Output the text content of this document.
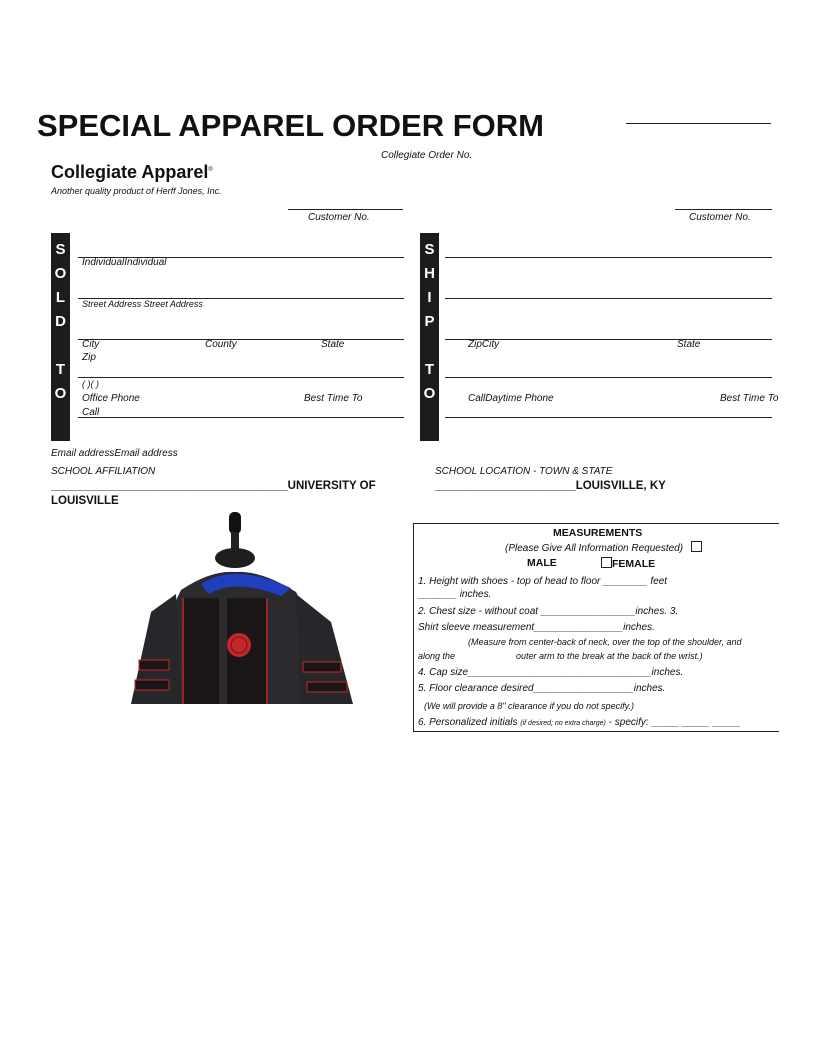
SPECIAL APPAREL ORDER FORM
Collegiate Order No.
Collegiate Apparel®
Another quality product of Herff Jones, Inc.
Customer No.	Customer No.
S
O
L
D
T
O
IndividualIndividual
Street Address Street Address
City	County	State
Zip
( )( )
Office Phone	Best Time To
Call
S
H
I
P
T
O
ZipCity	State
CallDaytime Phone	Best Time To
Email addressEmail address
SCHOOL AFFILIATION
_____________________________________UNIVERSITY OF
LOUISVILLE
SCHOOL LOCATION - TOWN & STATE
______________________LOUISVILLE, KY
MEASUREMENTS
(Please Give All Information Requested)
MALE	FEMALE
1. Height with shoes - top of head to floor ________ feet
_______ inches.
2. Chest size - without coat _________________inches. 3.
Shirt sleeve measurement________________inches.
(Measure from center-back of neck, over the top of the shoulder, and
along the	outer arm to the break at the back of the wrist.)
4. Cap size_________________________________inches.
5. Floor clearance desired__________________inches.
(We will provide a 8" clearance if you do not specify.)
6. Personalized initials (if desired; no extra charge) - specify: _____ _____ _____
